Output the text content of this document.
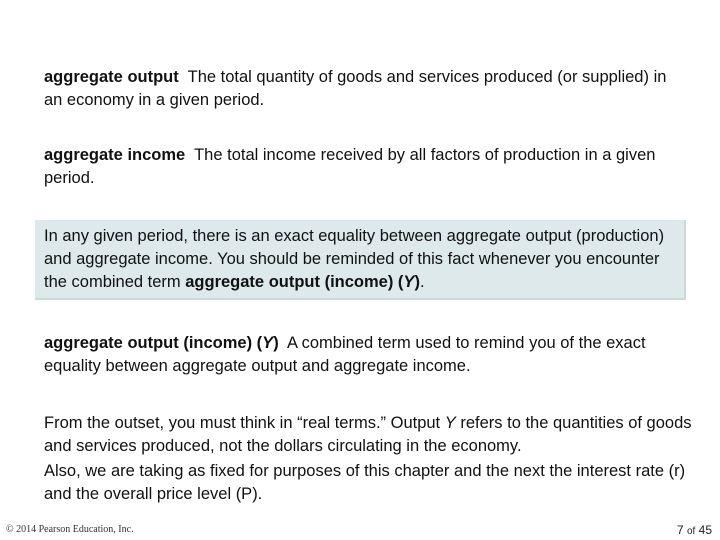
aggregate output The total quantity of goods and services produced (or supplied) in an economy in a given period.
aggregate income The total income received by all factors of production in a given period.
In any given period, there is an exact equality between aggregate output (production) and aggregate income. You should be reminded of this fact whenever you encounter the combined term aggregate output (income) (Y).
aggregate output (income) (Y) A combined term used to remind you of the exact equality between aggregate output and aggregate income.
From the outset, you must think in “real terms.” Output Y refers to the quantities of goods and services produced, not the dollars circulating in the economy.
Also, we are taking as fixed for purposes of this chapter and the next the interest rate (r) and the overall price level (P).
© 2014 Pearson Education, Inc.	7 of 45
